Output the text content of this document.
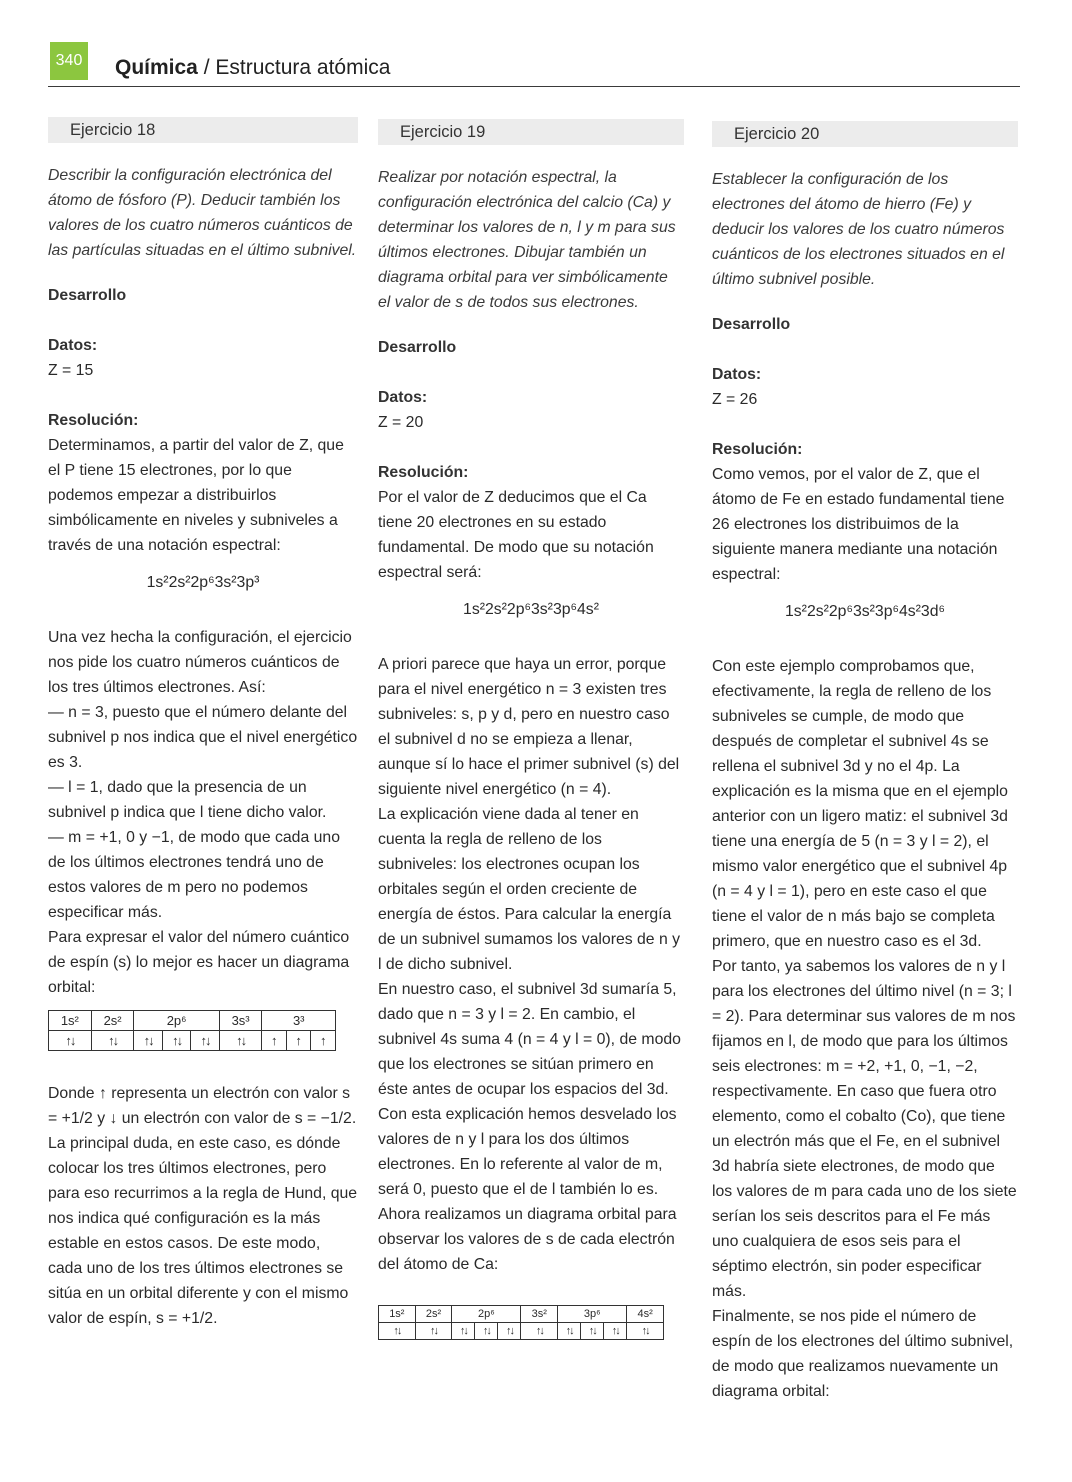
340 Química / Estructura atómica
Ejercicio 18

Describir la configuración electrónica del átomo de fósforo (P). Deducir también los valores de los cuatro números cuánticos de las partículas situadas en el último subnivel.

Desarrollo

Datos:

Z = 15

Resolución:

Determinamos, a partir del valor de Z, que el P tiene 15 electrones, por lo que podemos empezar a distribuirlos simbólicamente en niveles y subniveles a través de una notación espectral:

1s²2s²2p⁶3s²3p³

Una vez hecha la configuración, el ejercicio nos pide los cuatro números cuánticos de los tres últimos electrones. Así:

— n = 3, puesto que el número delante del subnivel p nos indica que el nivel energético es 3.

— l = 1, dado que la presencia de un subnivel p indica que l tiene dicho valor.

— m = +1, 0 y −1, de modo que cada uno de los últimos electrones tendrá uno de estos valores de m pero no podemos especificar más.

Para expresar el valor del número cuántico de espín (s) lo mejor es hacer un diagrama orbital:

1s²	2s²	2p⁶			3s³	3³		
↑↓	↑↓	↑↓	↑↓	↑↓	↑↓	↑	↑	↑

Donde ↑ representa un electrón con valor s = +1/2 y ↓ un electrón con valor de s = −1/2. La principal duda, en este caso, es dónde colocar los tres últimos electrones, pero para eso recurrimos a la regla de Hund, que nos indica qué configuración es la más estable en estos casos. De este modo, cada uno de los tres últimos electrones se sitúa en un orbital diferente y con el mismo valor de espín, s = +1/2.

Ejercicio 19

Realizar por notación espectral, la configuración electrónica del calcio (Ca) y determinar los valores de n, l y m para sus últimos electrones. Dibujar también un diagrama orbital para ver simbólicamente el valor de s de todos sus electrones.

Desarrollo

Datos:

Z = 20

Resolución:

Por el valor de Z deducimos que el Ca tiene 20 electrones en su estado fundamental. De modo que su notación espectral será:

1s²2s²2p⁶3s²3p⁶4s²

A priori parece que haya un error, porque para el nivel energético n = 3 existen tres subniveles: s, p y d, pero en nuestro caso el subnivel d no se empieza a llenar, aunque sí lo hace el primer subnivel (s) del siguiente nivel energético (n = 4).

La explicación viene dada al tener en cuenta la regla de relleno de los subniveles: los electrones ocupan los orbitales según el orden creciente de energía de éstos. Para calcular la energía de un subnivel sumamos los valores de n y l de dicho subnivel.

En nuestro caso, el subnivel 3d sumaría 5, dado que n = 3 y l = 2. En cambio, el subnivel 4s suma 4 (n = 4 y l = 0), de modo que los electrones se sitúan primero en éste antes de ocupar los espacios del 3d.

Con esta explicación hemos desvelado los valores de n y l para los dos últimos electrones. En lo referente al valor de m, será 0, puesto que el de l también lo es. Ahora realizamos un diagrama orbital para observar los valores de s de cada electrón del átomo de Ca:

1s²	2s²	2p⁶			3s²	3p⁶			4s²
↑↓	↑↓	↑↓	↑↓	↑↓	↑↓	↑↓	↑↓	↑↓	↑↓
Ejercicio 20

Establecer la configuración de los electrones del átomo de hierro (Fe) y deducir los valores de los cuatro números cuánticos de los electrones situados en el último subnivel posible.

Desarrollo

Datos:

Z = 26

Resolución:

Como vemos, por el valor de Z, que el átomo de Fe en estado fundamental tiene 26 electrones los distribuimos de la siguiente manera mediante una notación espectral:

1s²2s²2p⁶3s²3p⁶4s²3d⁶

Con este ejemplo comprobamos que, efectivamente, la regla de relleno de los subniveles se cumple, de modo que después de completar el subnivel 4s se rellena el subnivel 3d y no el 4p. La explicación es la misma que en el ejemplo anterior con un ligero matiz: el subnivel 3d tiene una energía de 5 (n = 3 y l = 2), el mismo valor energético que el subnivel 4p (n = 4 y l = 1), pero en este caso el que tiene el valor de n más bajo se completa primero, que en nuestro caso es el 3d.

Por tanto, ya sabemos los valores de n y l para los electrones del último nivel (n = 3; l = 2). Para determinar sus valores de m nos fijamos en l, de modo que para los últimos seis electrones: m = +2, +1, 0, −1, −2, respectivamente. En caso que fuera otro elemento, como el cobalto (Co), que tiene un electrón más que el Fe, en el subnivel 3d habría siete electrones, de modo que los valores de m para cada uno de los siete serían los seis descritos para el Fe más uno cualquiera de esos seis para el séptimo electrón, sin poder especificar más.

Finalmente, se nos pide el número de espín de los electrones del último subnivel, de modo que realizamos nuevamente un diagrama orbital:
